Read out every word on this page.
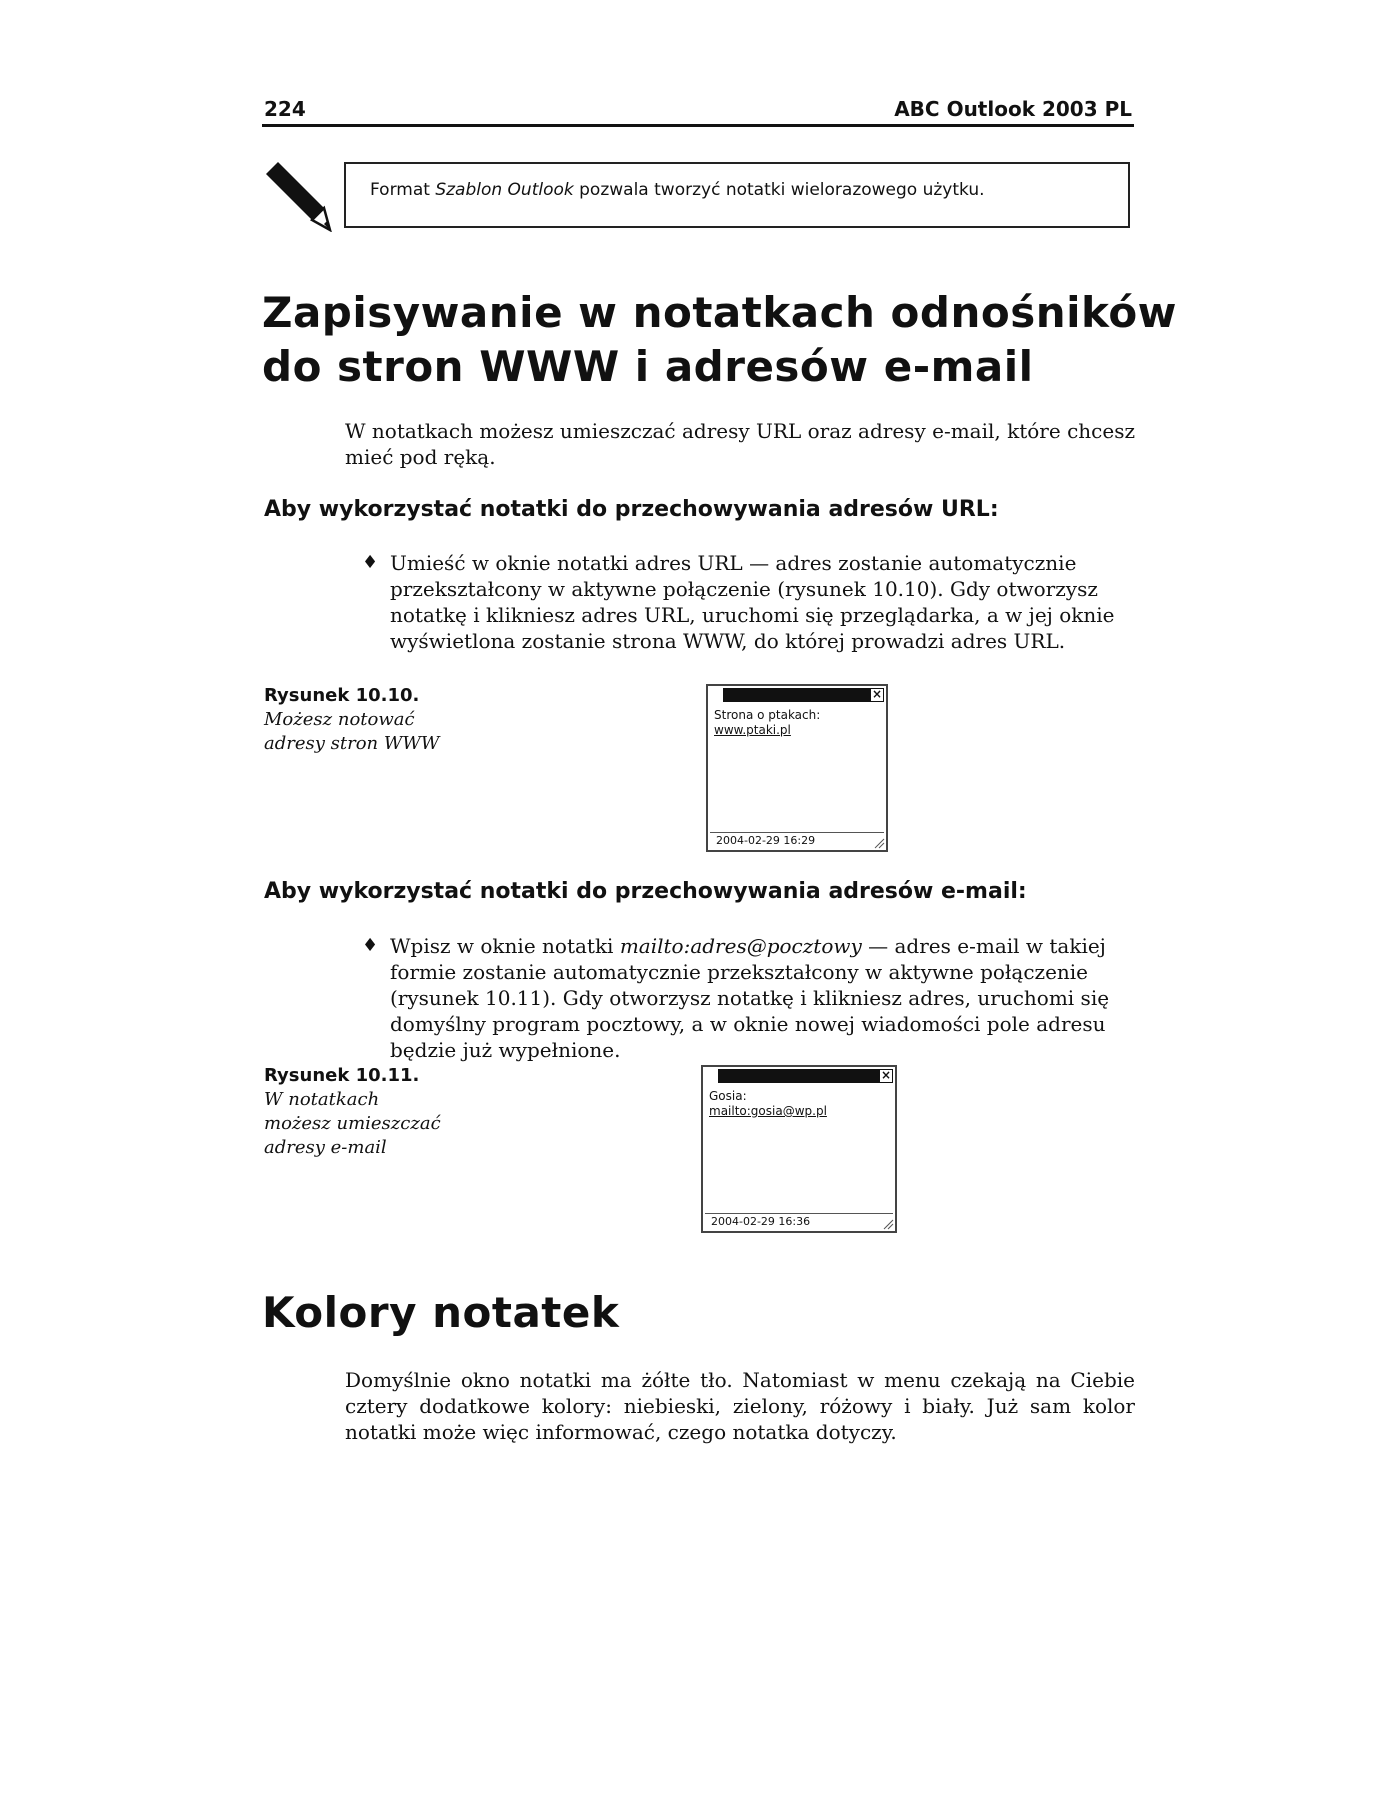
224	ABC Outlook 2003 PL
Format Szablon Outlook pozwala tworzyć notatki wielorazowego użytku.
Zapisywanie w notatkach odnośników
do stron WWW i adresów e-mail

W notatkach możesz umieszczać adresy URL oraz adresy e-mail, które chcesz mieć pod ręką.

Aby wykorzystać notatki do przechowywania adresów URL:
♦ Umieść w oknie notatki adres URL — adres zostanie automatycznie przekształcony w aktywne połączenie (rysunek 10.10). Gdy otworzysz notatkę i klikniesz adres URL, uruchomi się przeglądarka, a w jej oknie wyświetlona zostanie strona WWW, do której prowadzi adres URL.
Rysunek 10.10.
Możesz notować adresy stron WWW
×
Strona o ptakach:
www.ptaki.pl
2004-02-29 16:29
Aby wykorzystać notatki do przechowywania adresów e-mail:
♦ Wpisz w oknie notatki mailto:adres@pocztowy — adres e-mail w takiej formie zostanie automatycznie przekształcony w aktywne połączenie (rysunek 10.11). Gdy otworzysz notatkę i klikniesz adres, uruchomi się domyślny program pocztowy, a w oknie nowej wiadomości pole adresu będzie już wypełnione.
Rysunek 10.11.
W notatkach możesz umieszczać adresy e-mail
×
Gosia:
mailto:gosia@wp.pl
2004-02-29 16:36
Kolory notatek

Domyślnie okno notatki ma żółte tło. Natomiast w menu czekają na Ciebie cztery dodatkowe kolory: niebieski, zielony, różowy i biały. Już sam kolor notatki może więc informować, czego notatka dotyczy.
